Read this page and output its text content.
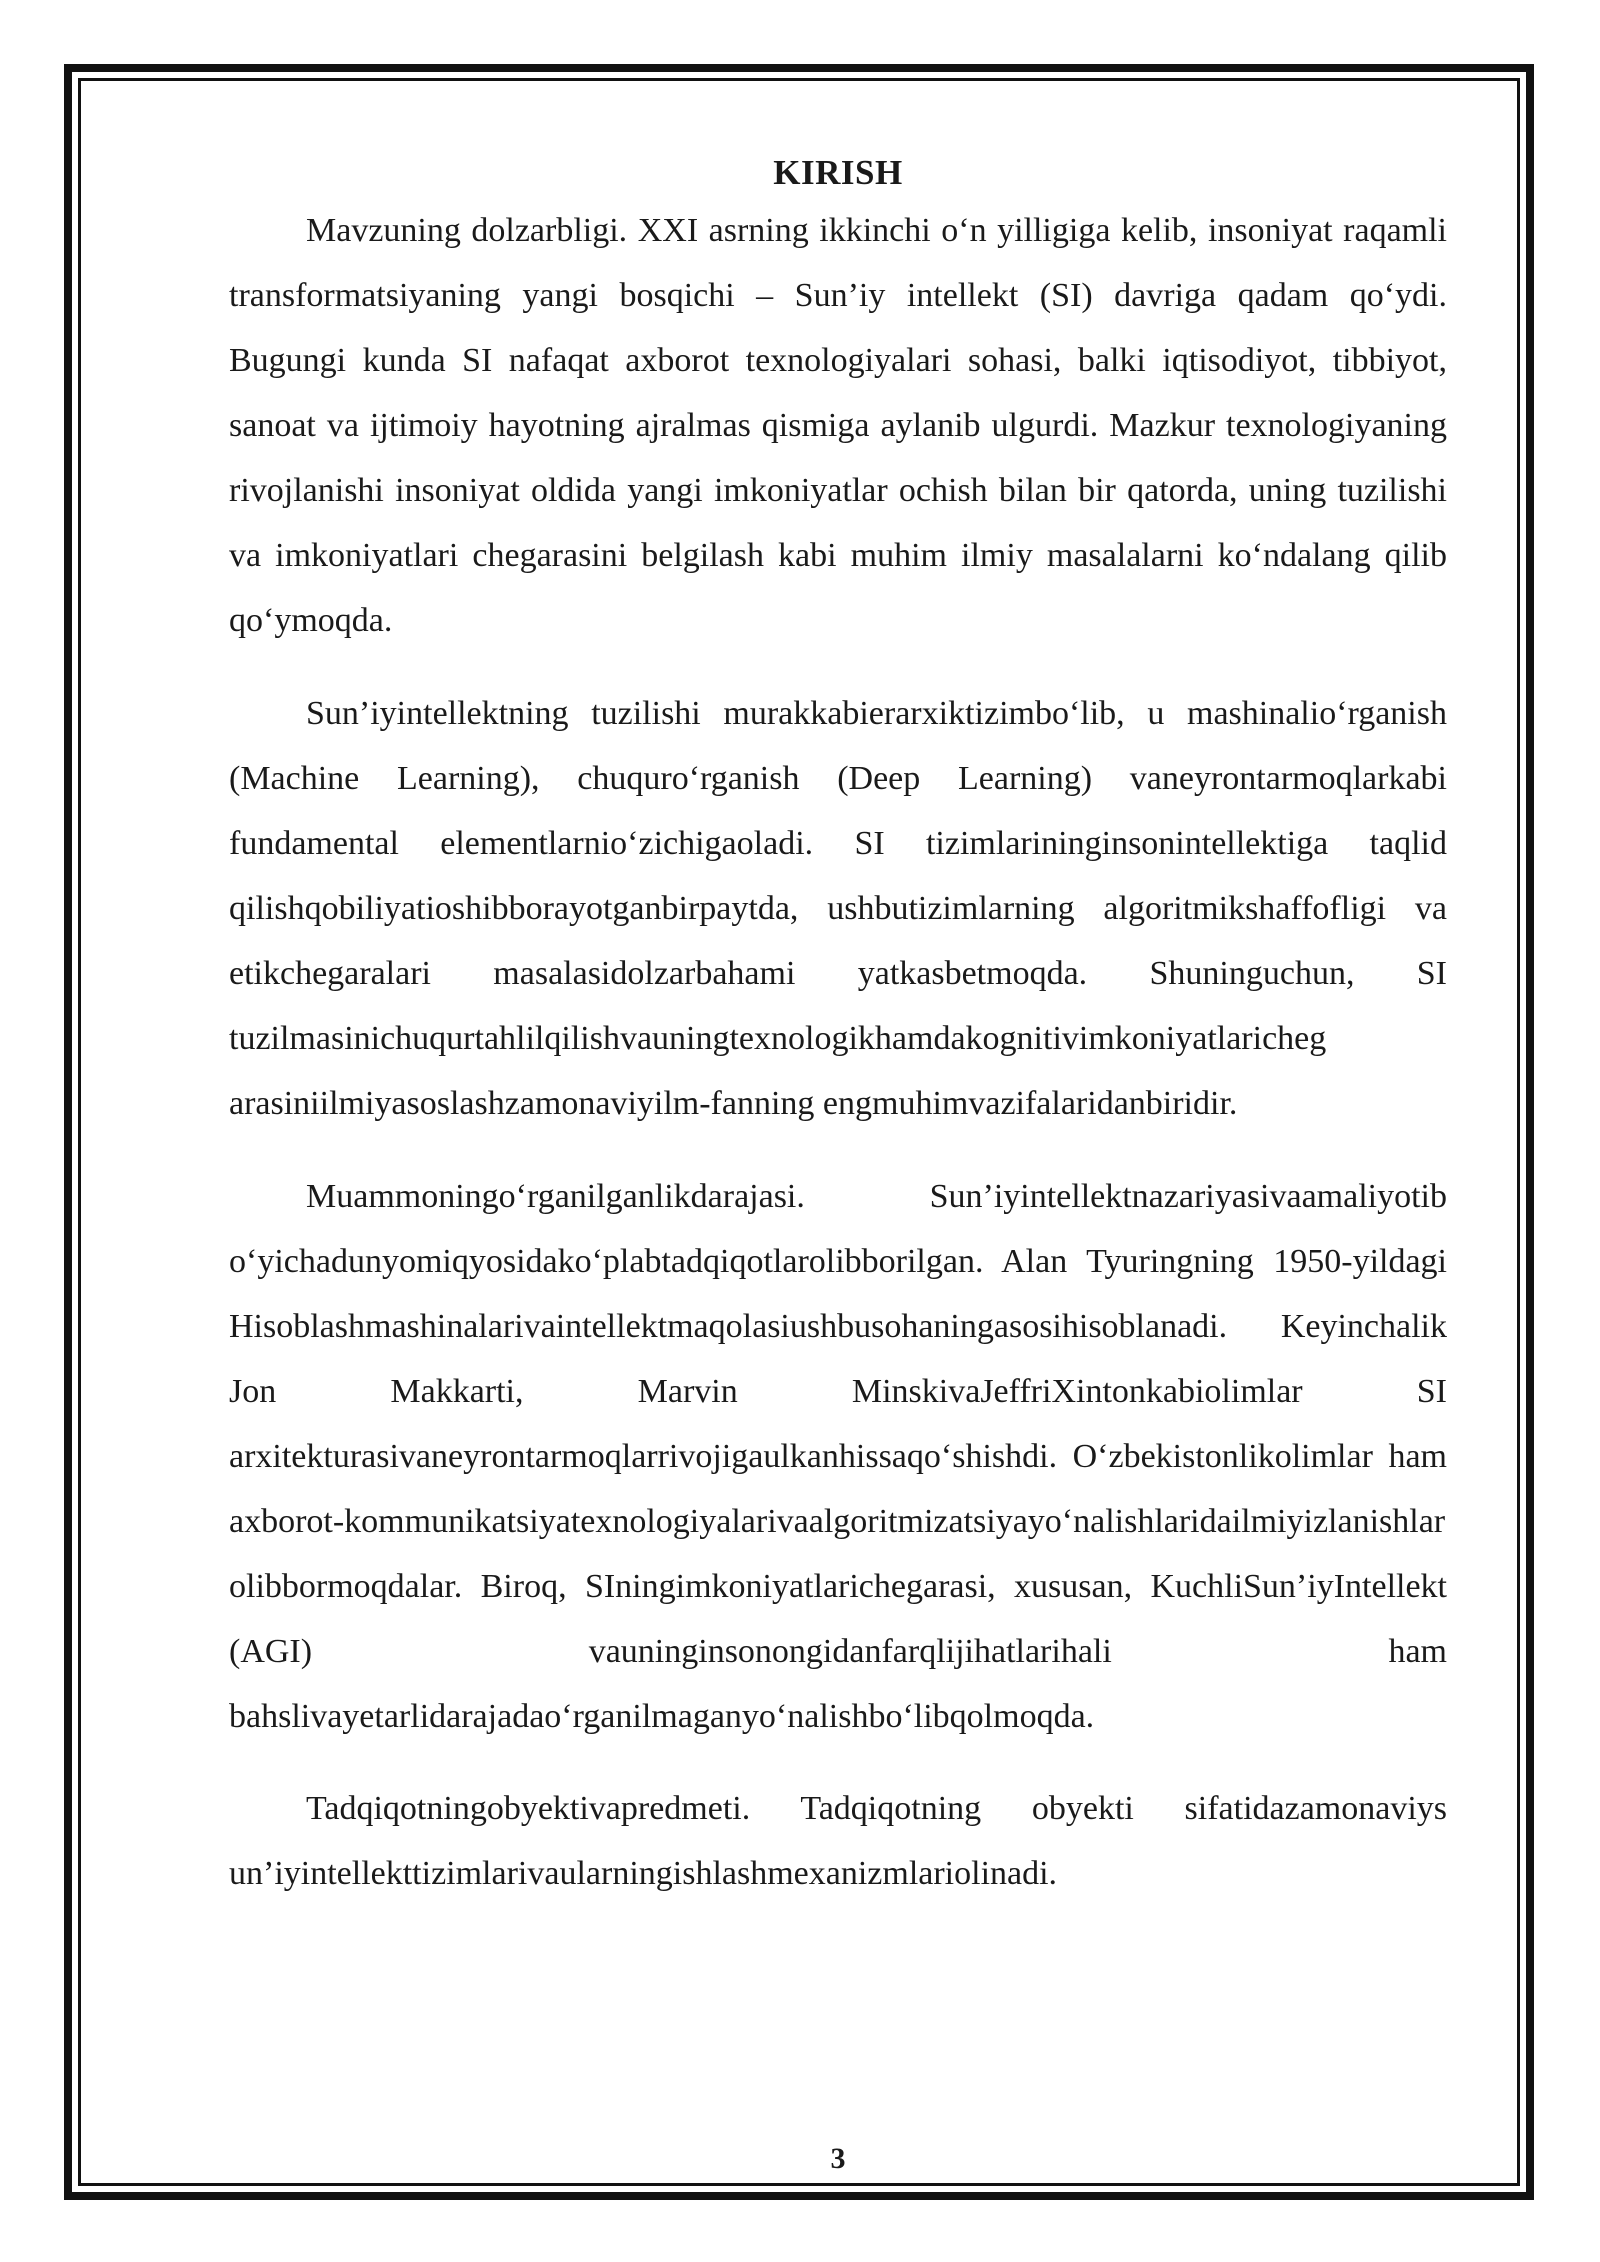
KIRISH

Mavzuning dolzarbligi. XXI asrning ikkinchi o‘n yilligiga kelib, insoniyat raqamli transformatsiyaning yangi bosqichi – Sun’iy intellekt (SI) davriga qadam qo‘ydi. Bugungi kunda SI nafaqat axborot texnologiyalari sohasi, balki iqtisodiyot, tibbiyot, sanoat va ijtimoiy hayotning ajralmas qismiga aylanib ulgurdi. Mazkur texnologiyaning rivojlanishi insoniyat oldida yangi imkoniyatlar ochish bilan bir qatorda, uning tuzilishi va imkoniyatlari chegarasini belgilash kabi muhim ilmiy masalalarni ko‘ndalang qilib qo‘ymoqda.

Sun’iyintellektning tuzilishi murakkabierarxiktizimbo‘lib, u mashinalio‘rganish (Machine Learning), chuquro‘rganish (Deep Learning) vaneyrontarmoqlarkabi fundamental elementlarnio‘zichigaoladi. SI tizimlarininginsonintellektiga taqlid qilishqobiliyatioshibborayotganbirpaytda, ushbutizimlarning algoritmikshaffofligi va etikchegaralari masalasidolzarbahami yatkasbetmoqda. Shuninguchun, SI tuzilmasinichuqurtahlilqilishvauningtexnologikhamdakognitivimkoniyatlaricheg arasiniilmiyasoslashzamonaviyilm-fanning engmuhimvazifalaridanbiridir.

Muammoningo‘rganilganlikdarajasi. Sun’iyintellektnazariyasivaamaliyotib o‘yichadunyomiqyosidako‘plabtadqiqotlarolibborilgan. Alan Tyuringning 1950-yildagi Hisoblashmashinalarivaintellektmaqolasiushbusohaningasosihisoblanadi. Keyinchalik Jon Makkarti, Marvin MinskivaJeffriXintonkabiolimlar SI arxitekturasivaneyrontarmoqlarrivojigaulkanhissaqo‘shishdi. O‘zbekistonlikolimlar ham axborot-kommunikatsiyatexnologiyalarivaalgoritmizatsiyayo‘nalishlaridailmiyizlanishlar olibbormoqdalar. Biroq, SIningimkoniyatlarichegarasi, xususan, KuchliSun’iyIntellekt (AGI) vauninginsonongidanfarqlijihatlarihali ham bahslivayetarlidarajadao‘rganilmaganyo‘nalishbo‘libqolmoqda.

Tadqiqotningobyektivapredmeti. Tadqiqotning obyekti sifatidazamonaviys un’iyintellekttizimlarivaularningishlashmexanizmlariolinadi.

3
